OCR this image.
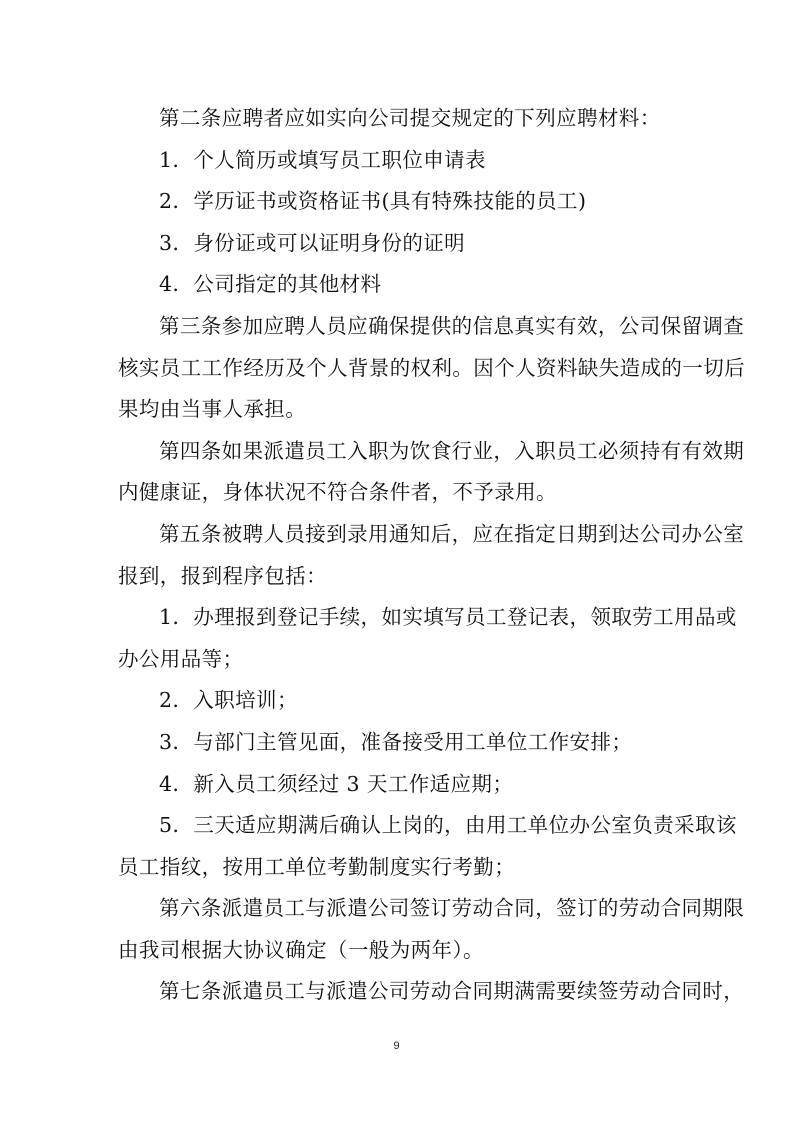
第二条应聘者应如实向公司提交规定的下列应聘材料：
1．个人简历或填写员工职位申请表
2．学历证书或资格证书(具有特殊技能的员工)
3．身份证或可以证明身份的证明
4．公司指定的其他材料
第三条参加应聘人员应确保提供的信息真实有效，公司保留调查
核实员工工作经历及个人背景的权利。因个人资料缺失造成的一切后
果均由当事人承担。
第四条如果派遣员工入职为饮食行业，入职员工必须持有有效期
内健康证，身体状况不符合条件者，不予录用。
第五条被聘人员接到录用通知后，应在指定日期到达公司办公室
报到，报到程序包括：
1．办理报到登记手续，如实填写员工登记表，领取劳工用品或
办公用品等；
2．入职培训；
3．与部门主管见面，准备接受用工单位工作安排；
4．新入员工须经过 3 天工作适应期；
5．三天适应期满后确认上岗的，由用工单位办公室负责采取该
员工指纹，按用工单位考勤制度实行考勤；
第六条派遣员工与派遣公司签订劳动合同，签订的劳动合同期限
由我司根据大协议确定（一般为两年）。
第七条派遣员工与派遣公司劳动合同期满需要续签劳动合同时，
9
